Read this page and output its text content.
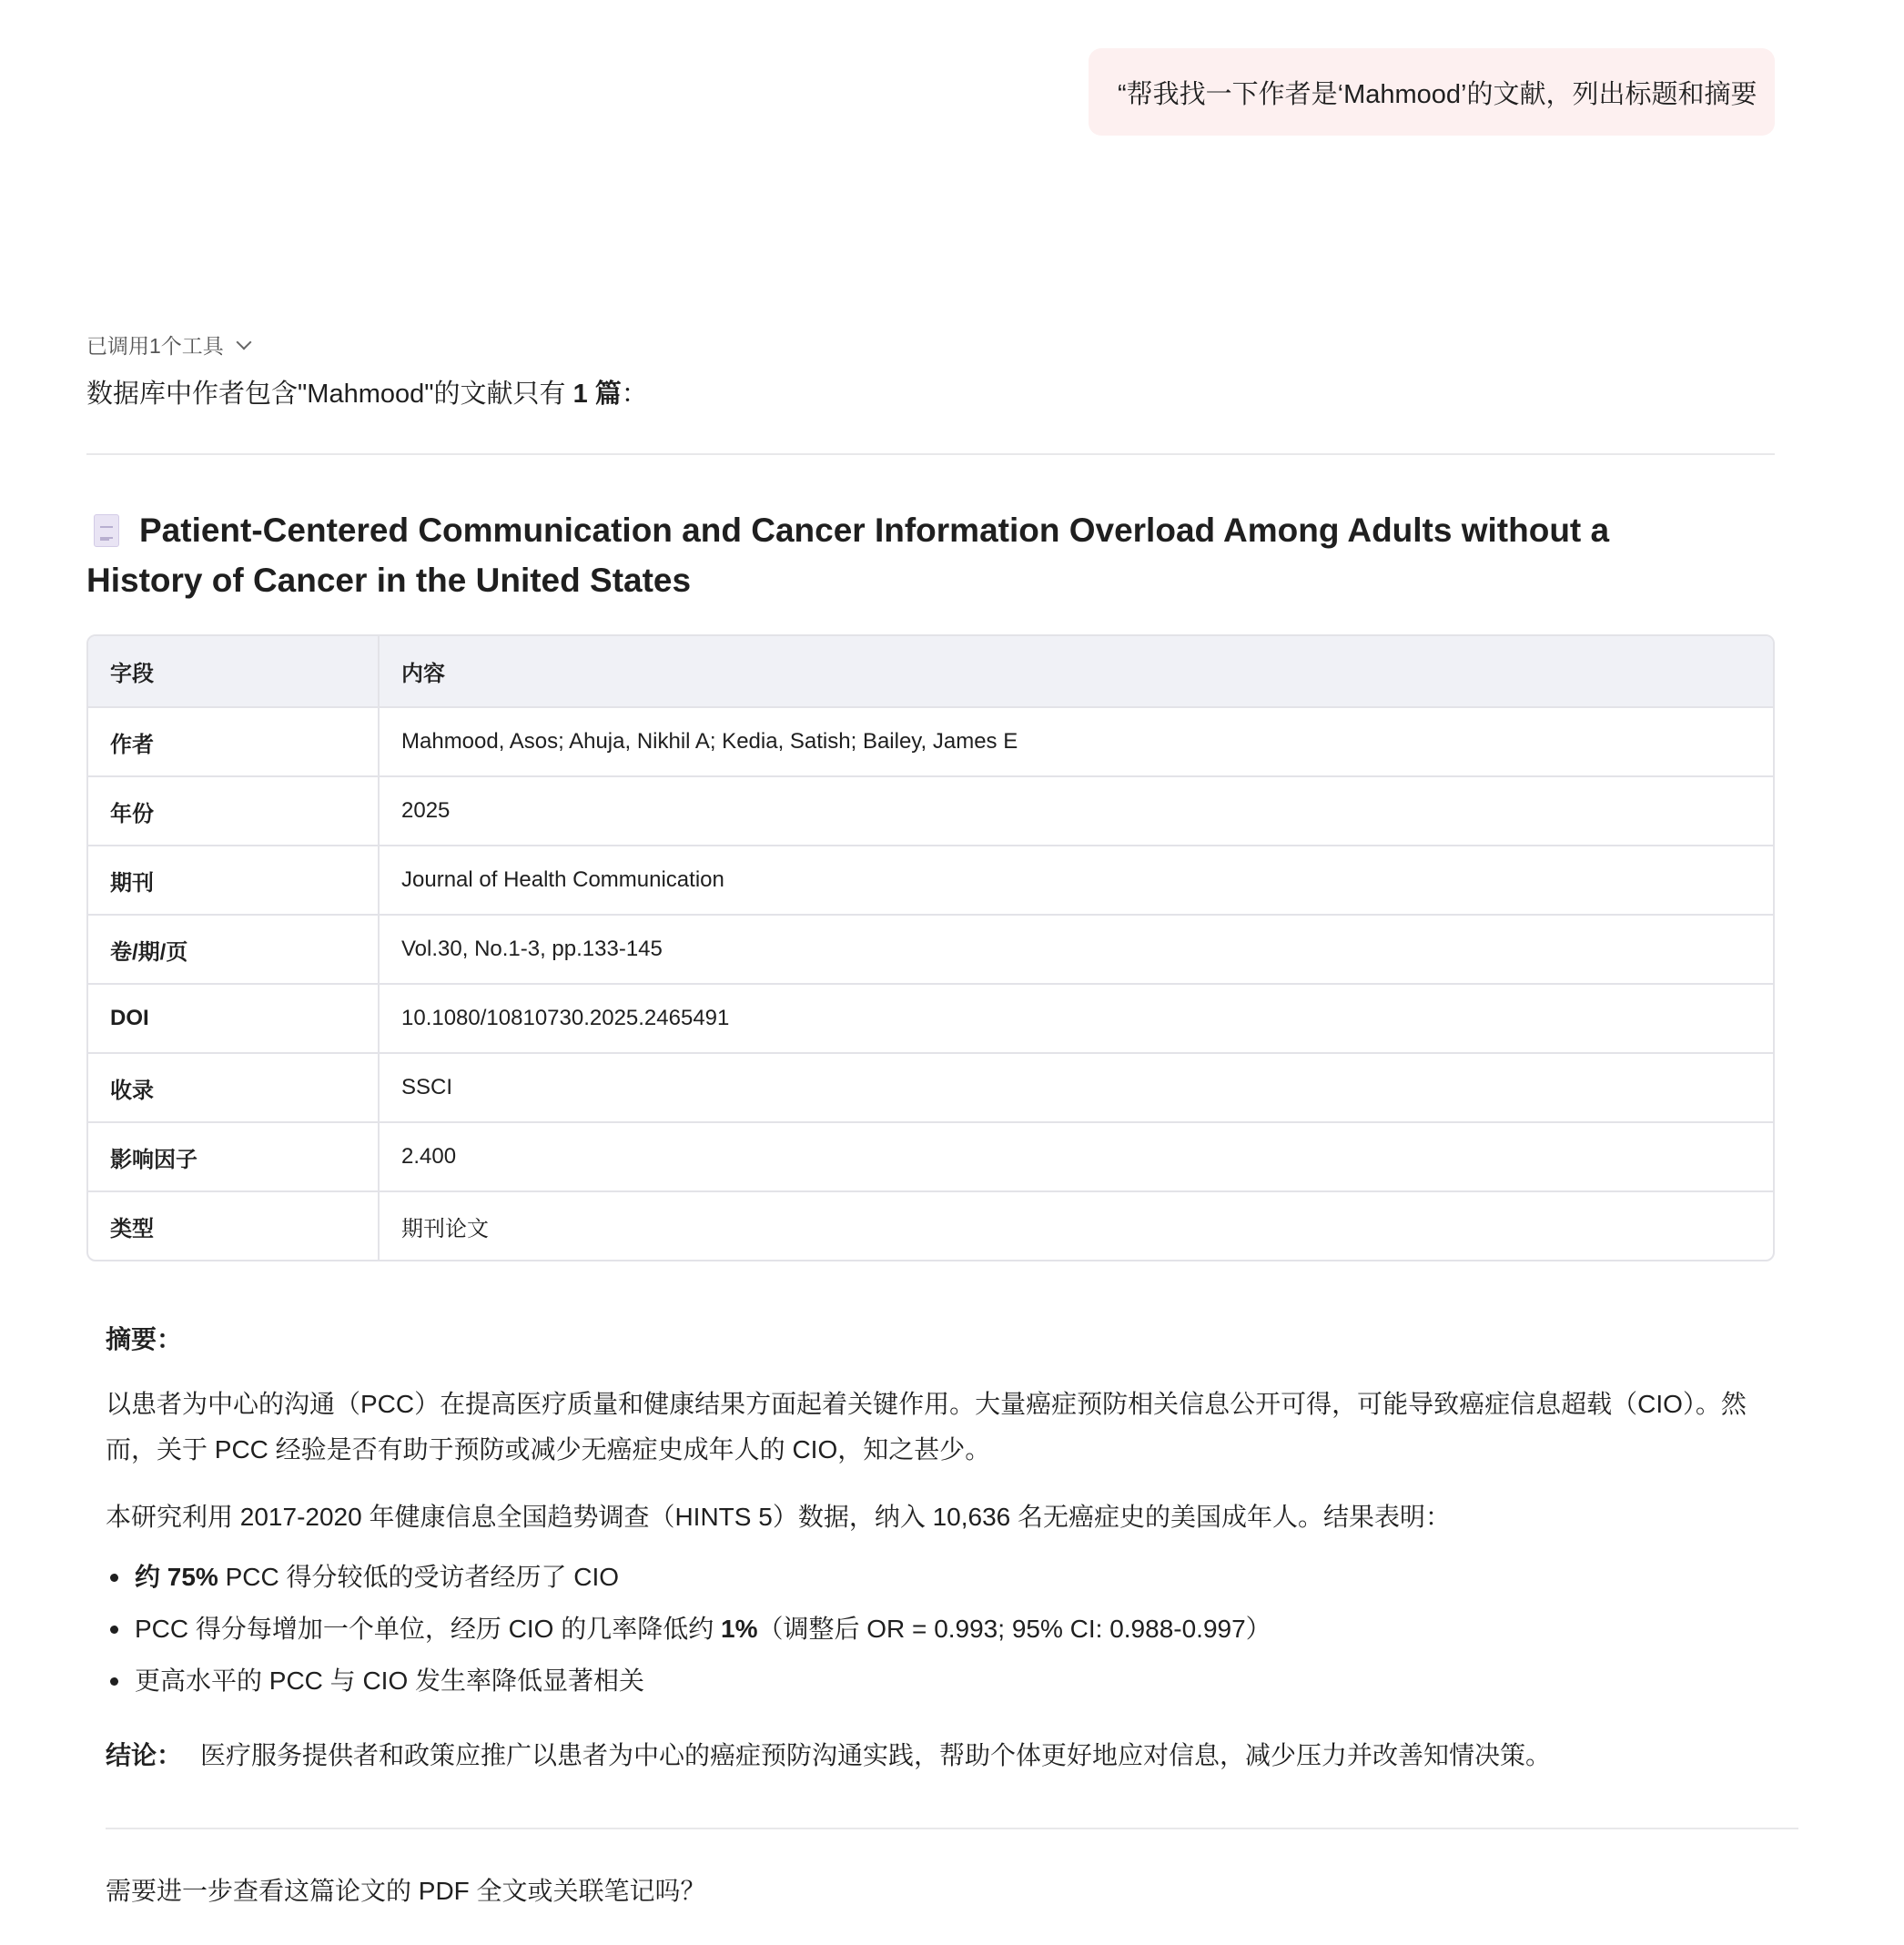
“帮我找一下作者是‘Mahmood’的文献，列出标题和摘要
已调用1个工具
数据库中作者包含"Mahmood"的文献只有 1 篇：
Patient-Centered Communication and Cancer Information Overload Among Adults without a History of Cancer in the United States
字段	内容
作者	Mahmood, Asos; Ahuja, Nikhil A; Kedia, Satish; Bailey, James E
年份	2025
期刊	Journal of Health Communication
卷/期/页	Vol.30, No.1-3, pp.133-145
DOI	10.1080/10810730.2025.2465491
收录	SSCI
影响因子	2.400
类型	期刊论文
摘要：
以患者为中心的沟通（PCC）在提高医疗质量和健康结果方面起着关键作用。大量癌症预防相关信息公开可得，可能导致癌症信息超载（CIO）。然而，关于 PCC 经验是否有助于预防或减少无癌症史成年人的 CIO，知之甚少。
本研究利用 2017-2020 年健康信息全国趋势调查（HINTS 5）数据，纳入 10,636 名无癌症史的美国成年人。结果表明：
约 75% PCC 得分较低的受访者经历了 CIO
PCC 得分每增加一个单位，经历 CIO 的几率降低约 1%（调整后 OR = 0.993; 95% CI: 0.988-0.997）
更高水平的 PCC 与 CIO 发生率降低显著相关
结论： 医疗服务提供者和政策应推广以患者为中心的癌症预防沟通实践，帮助个体更好地应对信息，减少压力并改善知情决策。
需要进一步查看这篇论文的 PDF 全文或关联笔记吗？
